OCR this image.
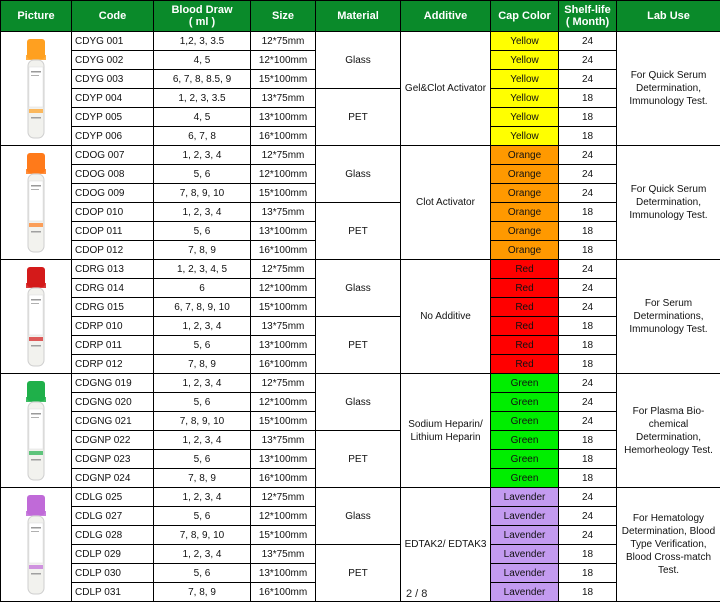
Picture	Code	Blood Draw
( ml )	Size	Material	Additive	Cap Color	Shelf-life
( Month)	Lab Use

	CDYG 001	1,2, 3, 3.5	12*75mm	Glass	Gel&Clot Activator	Yellow	24	For Quick Serum Determination, Immunology Test.
	CDYG 002	4, 5	12*100mm			Yellow	24	
	CDYG 003	6, 7, 8, 8.5, 9	15*100mm			Yellow	24	
	CDYP 004	1, 2, 3, 3.5	13*75mm	PET		Yellow	18	
	CDYP 005	4, 5	13*100mm			Yellow	18	
	CDYP 006	6, 7, 8	16*100mm			Yellow	18	

	CDOG 007	1, 2, 3, 4	12*75mm	Glass	Clot Activator	Orange	24	For Quick Serum Determination, Immunology Test.
	CDOG 008	5, 6	12*100mm			Orange	24	
	CDOG 009	7, 8, 9, 10	15*100mm			Orange	24	
	CDOP 010	1, 2, 3, 4	13*75mm	PET		Orange	18	
	CDOP 011	5, 6	13*100mm			Orange	18	
	CDOP 012	7, 8, 9	16*100mm			Orange	18	

	CDRG 013	1, 2, 3, 4, 5	12*75mm	Glass	No Additive	Red	24	For Serum Determinations, Immunology Test.
	CDRG 014	6	12*100mm			Red	24	
	CDRG 015	6, 7, 8, 9, 10	15*100mm			Red	24	
	CDRP 010	1, 2, 3, 4	13*75mm	PET		Red	18	
	CDRP 011	5, 6	13*100mm			Red	18	
	CDRP 012	7, 8, 9	16*100mm			Red	18	

	CDGNG 019	1, 2, 3, 4	12*75mm	Glass	Sodium Heparin/ Lithium Heparin	Green	24	For Plasma Bio-chemical Determination, Hemorheology Test.
	CDGNG 020	5, 6	12*100mm			Green	24	
	CDGNG 021	7, 8, 9, 10	15*100mm			Green	24	
	CDGNP 022	1, 2, 3, 4	13*75mm	PET		Green	18	
	CDGNP 023	5, 6	13*100mm			Green	18	
	CDGNP 024	7, 8, 9	16*100mm			Green	18	

	CDLG 025	1, 2, 3, 4	12*75mm	Glass	EDTAK2/ EDTAK3	Lavender	24	For Hematology Determination, Blood Type Verification, Blood Cross-match Test.
	CDLG 027	5, 6	12*100mm			Lavender	24	
	CDLG 028	7, 8, 9, 10	15*100mm			Lavender	24	
	CDLP 029	1, 2, 3, 4	13*75mm	PET		Lavender	18	
	CDLP 030	5, 6	13*100mm			Lavender	18	
	CDLP 031	7, 8, 9	16*100mm			Lavender	18	
2 / 8
